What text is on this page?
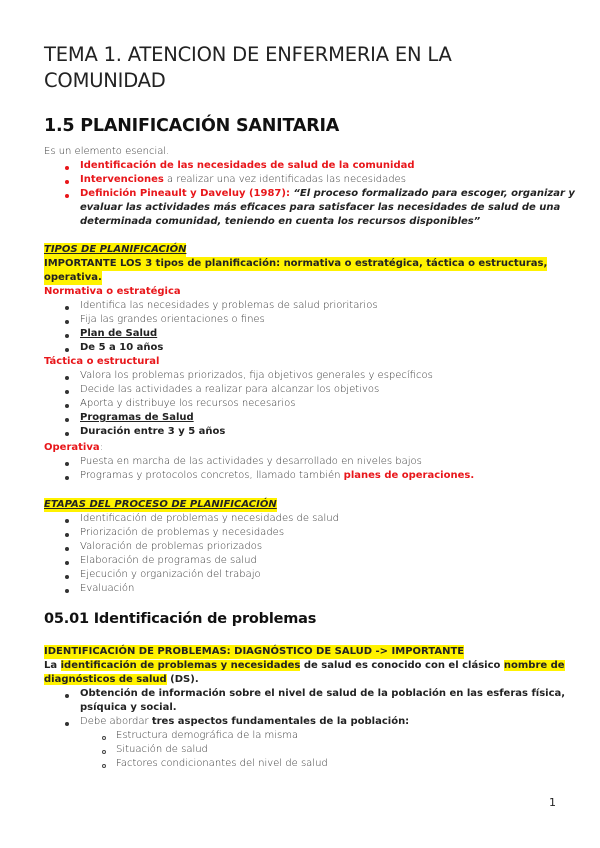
TEMA 1. ATENCION DE ENFERMERIA EN LA COMUNIDAD
1.5 PLANIFICACIÓN SANITARIA
Es un elemento esencial.
Identificación de las necesidades de salud de la comunidad
Intervenciones a realizar una vez identificadas las necesidades
Definición Pineault y Daveluy (1987): “El proceso formalizado para escoger, organizar y
evaluar las actividades más eficaces para satisfacer las necesidades de salud de una
determinada comunidad, teniendo en cuenta los recursos disponibles”
TIPOS DE PLANIFICACIÓN
IMPORTANTE LOS 3 tipos de planificación: normativa o estratégica, táctica o estructuras,
operativa.
Normativa o estratégica
Identifica las necesidades y problemas de salud prioritarios
Fija las grandes orientaciones o fines
Plan de Salud
De 5 a 10 años
Táctica o estructural
Valora los problemas priorizados, fija objetivos generales y específicos
Decide las actividades a realizar para alcanzar los objetivos
Aporta y distribuye los recursos necesarios
Programas de Salud
Duración entre 3 y 5 años
Operativa:
Puesta en marcha de las actividades y desarrollado en niveles bajos
Programas y protocolos concretos, llamado también planes de operaciones.
ETAPAS DEL PROCESO DE PLANIFICACIÓN
Identificación de problemas y necesidades de salud
Priorización de problemas y necesidades
Valoración de problemas priorizados
Elaboración de programas de salud
Ejecución y organización del trabajo
Evaluación
05.01 Identificación de problemas
IDENTIFICACIÓN DE PROBLEMAS: DIAGNÓSTICO DE SALUD -> IMPORTANTE
La identificación de problemas y necesidades de salud es conocido con el clásico nombre de
diagnósticos de salud (DS).
Obtención de información sobre el nivel de salud de la población en las esferas física,
psíquica y social.
Debe abordar tres aspectos fundamentales de la población:
Estructura demográfica de la misma
Situación de salud
Factores condicionantes del nivel de salud
1
